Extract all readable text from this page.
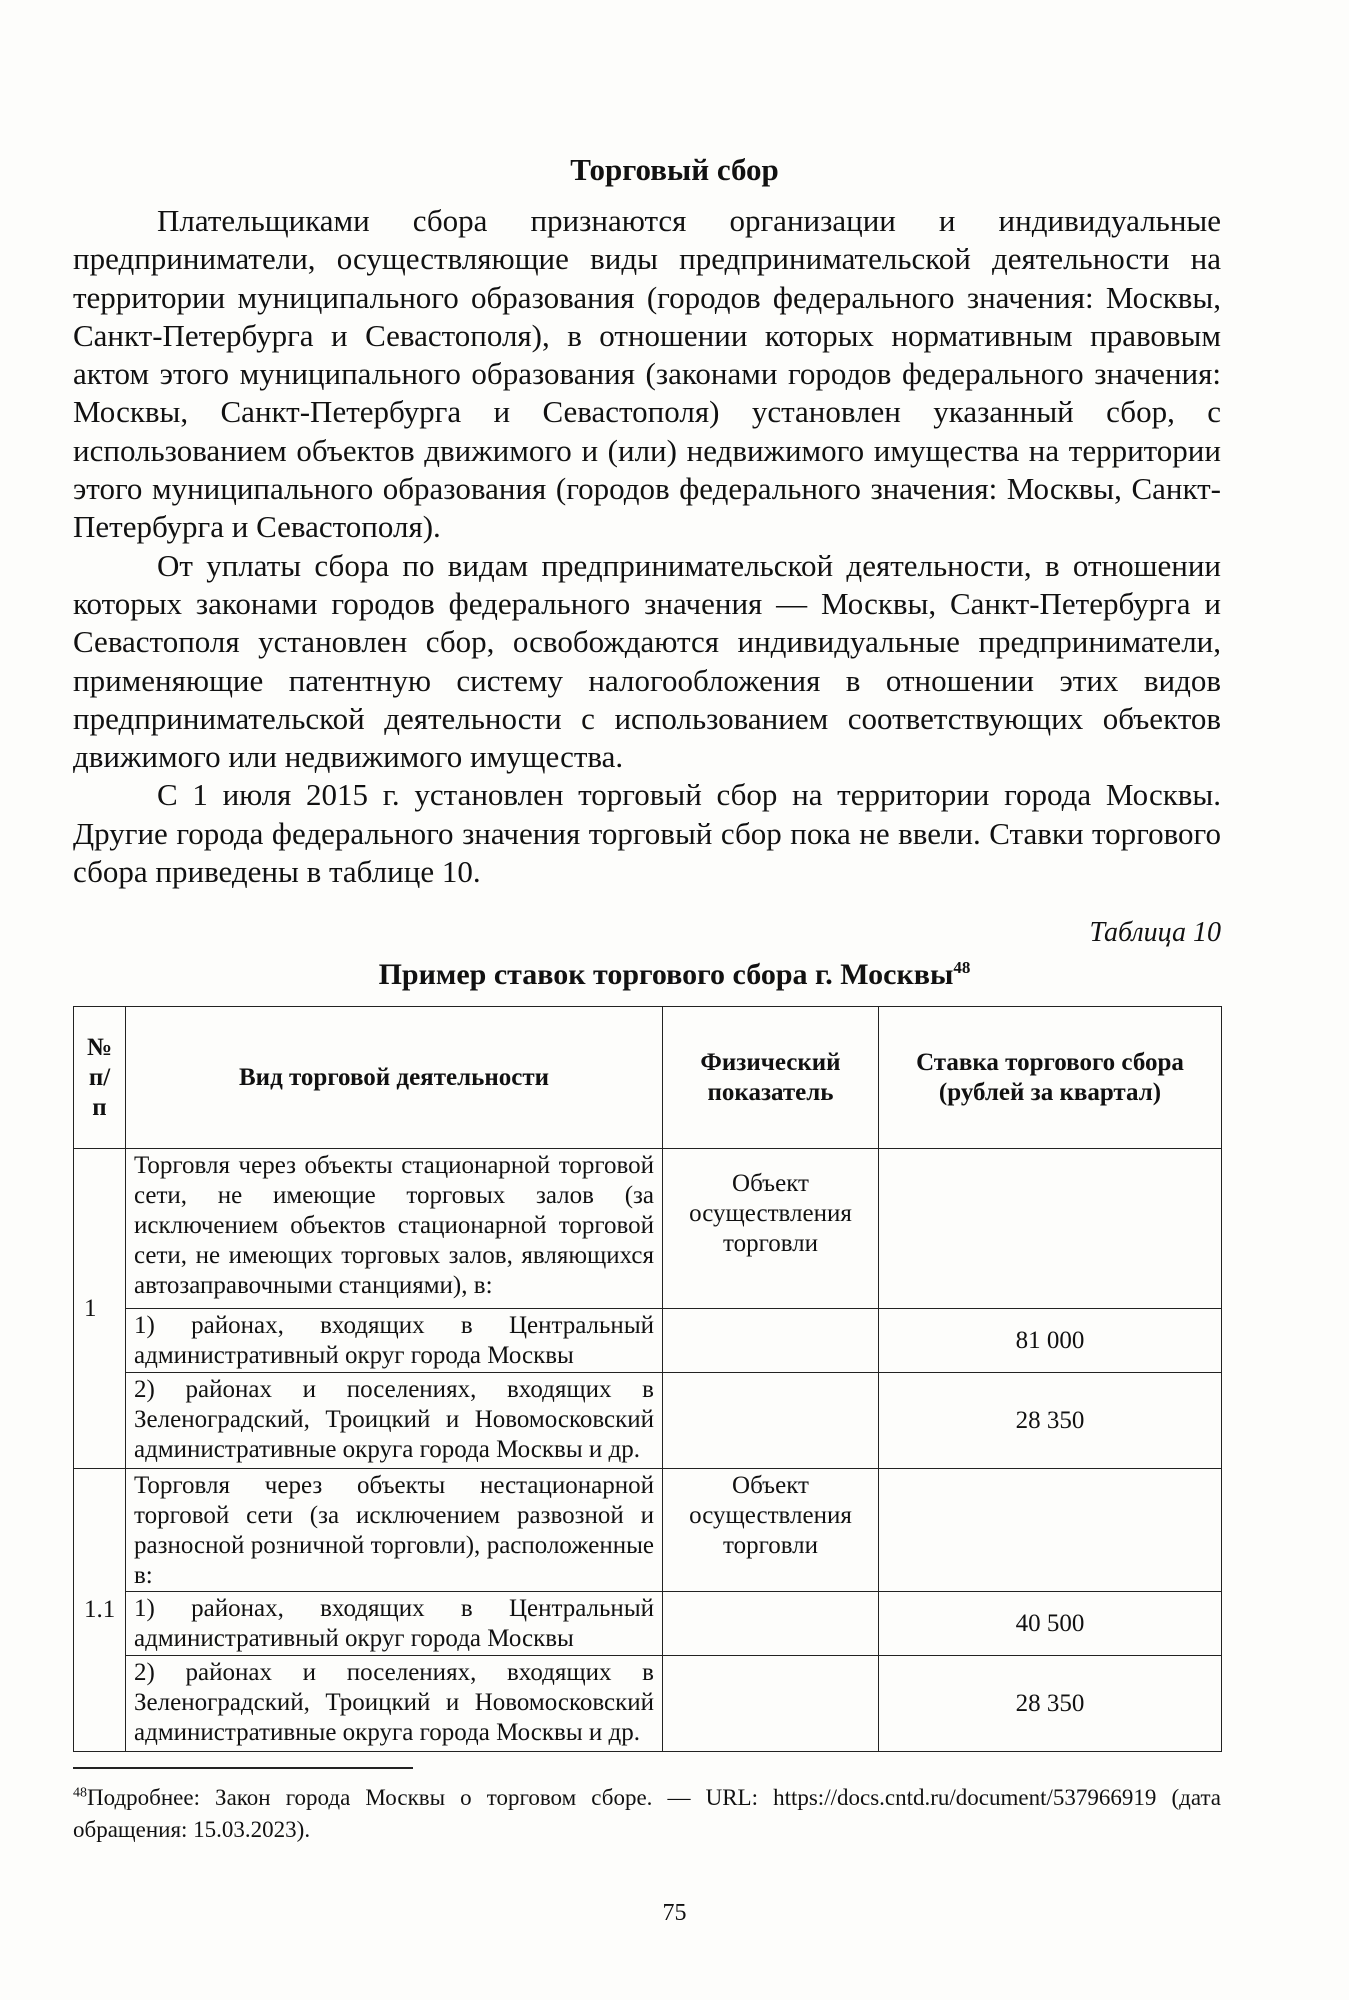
Торговый сбор

Плательщиками сбора признаются организации и индивидуальные предприниматели, осуществляющие виды предпринимательской деятельности на территории муниципального образования (городов федерального значения: Москвы, Санкт-Петербурга и Севастополя), в отношении которых нормативным правовым актом этого муниципального образования (законами городов федерального значения: Москвы, Санкт-Петербурга и Севастополя) установлен указанный сбор, с использованием объектов движимого и (или) недвижимого имущества на территории этого муниципального образования (городов федерального значения: Москвы, Санкт-Петербурга и Севастополя).

От уплаты сбора по видам предпринимательской деятельности, в отношении которых законами городов федерального значения — Москвы, Санкт-Петербурга и Севастополя установлен сбор, освобождаются индивидуальные предприниматели, применяющие патентную систему налогообложения в отношении этих видов предпринимательской деятельности с использованием соответствующих объектов движимого или недвижимого имущества.

С 1 июля 2015 г. установлен торговый сбор на территории города Москвы. Другие города федерального значения торговый сбор пока не ввели. Ставки торгового сбора приведены в таблице 10.

Таблица 10
Пример ставок торгового сбора г. Москвы$^{48}$
№ п/п	Вид торговой деятельности	Физический показатель	Ставка торгового сбора (рублей за квартал)
1	Торговля через объекты стационарной торговой сети, не имеющие торговых залов (за исключением объектов стационарной торговой сети, не имеющих торговых залов, являющихся автозаправочными станциями), в:	Объект осуществления торговли	
	1) районах, входящих в Центральный административный округ города Москвы		81 000
	2) районах и поселениях, входящих в Зеленоградский, Троицкий и Новомосковский административные округа города Москвы и др.		28 350
1.1	Торговля через объекты нестационарной торговой сети (за исключением развозной и разносной розничной торговли), расположенные в:	Объект осуществления торговли	
	1) районах, входящих в Центральный административный округ города Москвы		40 500
	2) районах и поселениях, входящих в Зеленоградский, Троицкий и Новомосковский административные округа города Москвы и др.		28 350
$^{48}$Подробнее: Закон города Москвы о торговом сборе. — URL: https://docs.cntd.ru/document/537966919 (дата обращения: 15.03.2023).
75
